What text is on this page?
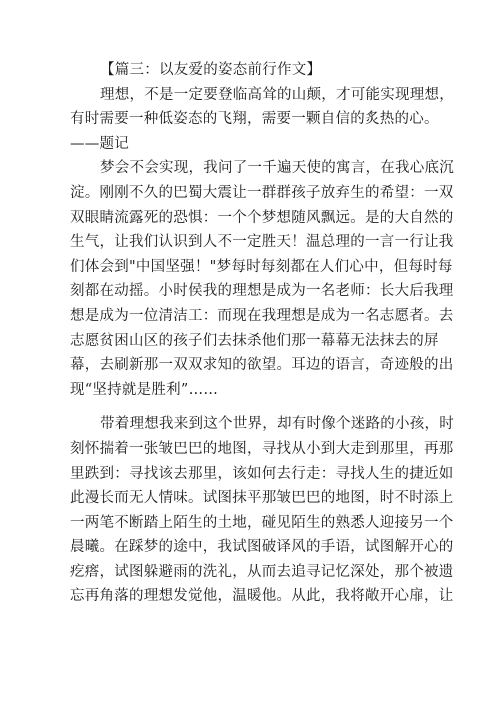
【篇三：以友爱的姿态前行作文】
理想，不是一定要登临高耸的山颠，才可能实现理想，
有时需要一种低姿态的飞翔，需要一颗自信的炙热的心。
——题记
梦会不会实现，我问了一千遍天使的寓言，在我心底沉
淀。刚刚不久的巴蜀大震让一群群孩子放弃生的希望：一双
双眼睛流露死的恐惧：一个个梦想随风飘远。是的大自然的
生气，让我们认识到人不一定胜天！温总理的一言一行让我
们体会到"中国坚强！"梦每时每刻都在人们心中，但每时每
刻都在动摇。小时侯我的理想是成为一名老师：长大后我理
想是成为一位清洁工：而现在我理想是成为一名志愿者。去
志愿贫困山区的孩子们去抹杀他们那一幕幕无法抹去的屏
幕，去刷新那一双双求知的欲望。耳边的语言，奇迹般的出
现“坚持就是胜利”……
带着理想我来到这个世界，却有时像个迷路的小孩，时
刻怀揣着一张皱巴巴的地图，寻找从小到大走到那里，再那
里跌到：寻找该去那里，该如何去行走：寻找人生的捷近如
此漫长而无人情味。试图抹平那皱巴巴的地图，时不时添上
一两笔不断踏上陌生的土地，碰见陌生的熟悉人迎接另一个
晨曦。在踩梦的途中，我试图破译风的手语，试图解开心的
疙瘩，试图躲避雨的洗礼，从而去追寻记忆深处，那个被遗
忘再角落的理想发觉他，温暖他。从此，我将敞开心扉，让
